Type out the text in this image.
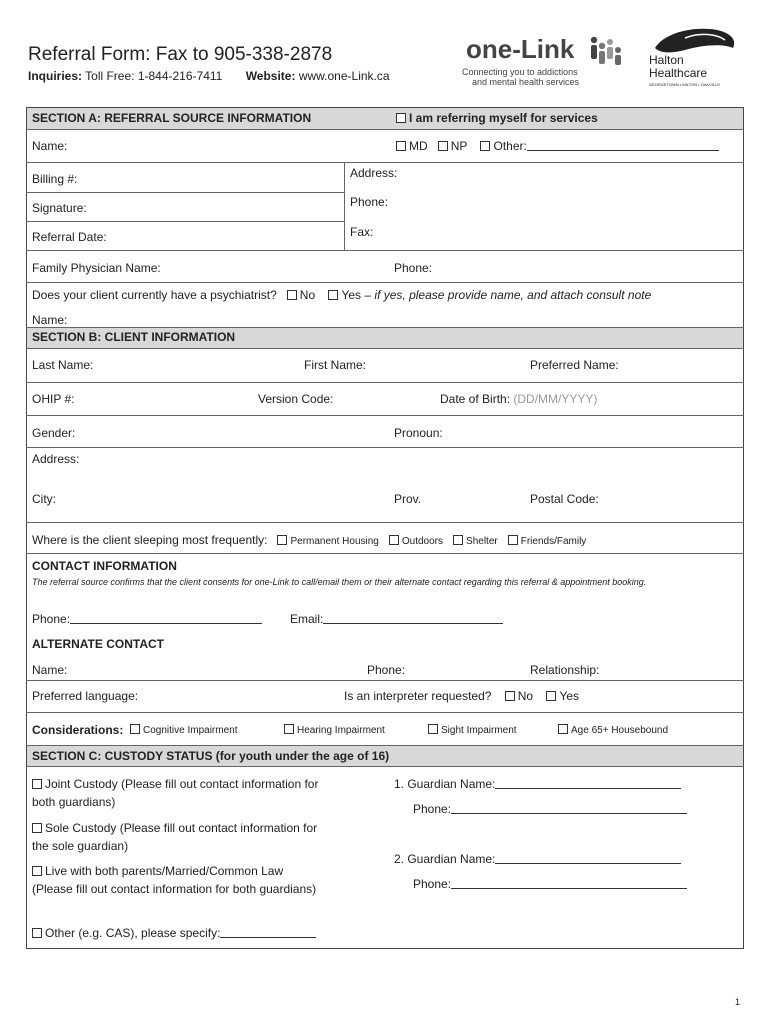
Referral Form: Fax to 905-338-2878
Inquiries: Toll Free: 1-844-216-7411 Website: www.one-Link.ca
one-Link
Connecting you to addictions
and mental health services
Halton
Healthcare
GEORGETOWN • MILTON • OAKVILLE
SECTION A: REFERRAL SOURCE INFORMATION	I am referring myself for services
Name:	MD NP Other:
Billing #:	Address:
Signature:	Phone:
Referral Date:	Fax:
Family Physician Name:	Phone:
Does your client currently have a psychiatrist? No Yes – if yes, please provide name, and attach consult note
Name:
SECTION B: CLIENT INFORMATION
Last Name:	First Name:	Preferred Name:
OHIP #:	Version Code:	Date of Birth: (DD/MM/YYYY)
Gender:	Pronoun:
Address:
City:	Prov.	Postal Code:
Where is the client sleeping most frequently: Permanent Housing Outdoors Shelter Friends/Family
CONTACT INFORMATION
The referral source confirms that the client consents for one-Link to call/email them or their alternate contact regarding this referral & appointment booking.
Phone:	Email:
ALTERNATE CONTACT
Name:	Phone:	Relationship:
Preferred language:	Is an interpreter requested? No Yes
Considerations:	Cognitive Impairment	Hearing Impairment	Sight Impairment	Age 65+ Housebound
SECTION C: CUSTODY STATUS (for youth under the age of 16)
Joint Custody (Please fill out contact information for both guardians)
Sole Custody (Please fill out contact information for the sole guardian)
Live with both parents/Married/Common Law (Please fill out contact information for both guardians)
Other (e.g. CAS), please specify:
1. Guardian Name:
Phone:
2. Guardian Name:
Phone:
1
